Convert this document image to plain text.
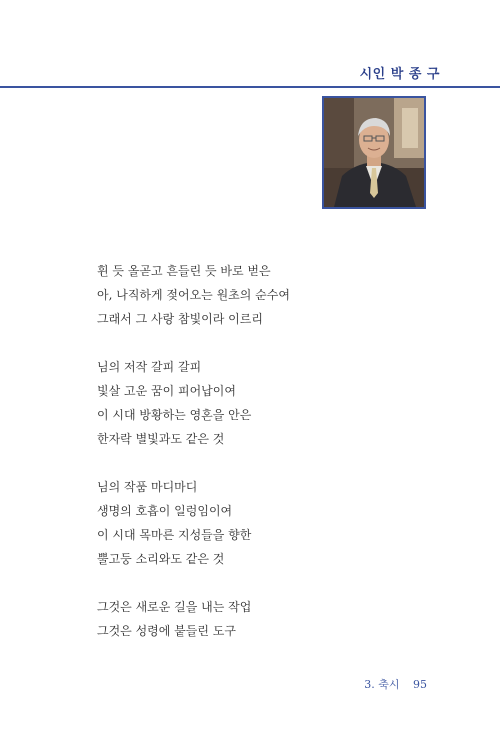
시인 박 종 구
휜 듯 올곧고 흔들린 듯 바로 벋은
아, 나직하게 젖어오는 원초의 순수여
그래서 그 사랑 참빛이라 이르리
님의 저작 갈피 갈피
빛살 고운 꿈이 피어납이여
이 시대 방황하는 영혼을 안은
한자락 별빛과도 같은 것
님의 작품 마디마디
생명의 호흡이 일렁임이여
이 시대 목마른 지성들을 향한
뿔고둥 소리와도 같은 것
그것은 새로운 길을 내는 작업
그것은 성령에 붙들린 도구
3. 축시 95
